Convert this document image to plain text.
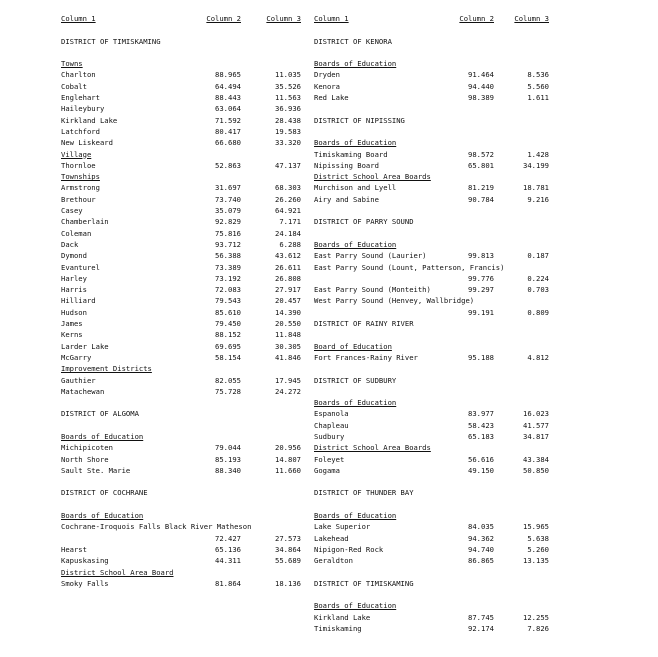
Column 1	Column 2	Column 3
DISTRICT OF TIMISKAMING
Towns
Charlton	88.965	11.035
Cobalt	64.494	35.526
Englehart	88.443	11.563
Haileybury	63.064	36.936
Kirkland Lake	71.592	28.438
Latchford	80.417	19.583
New Liskeard	66.680	33.320
Village
Thornloe	52.863	47.137
Townships
Armstrong	31.697	68.303
Brethour	73.740	26.260
Casey	35.079	64.921
Chamberlain	92.829	7.171
Coleman	75.816	24.184
Dack	93.712	6.288
Dymond	56.388	43.612
Evanturel	73.389	26.611
Harley	73.192	26.808
Harris	72.083	27.917
Hilliard	79.543	20.457
Hudson	85.610	14.390
James	79.450	20.550
Kerns	88.152	11.848
Larder Lake	69.695	30.305
McGarry	58.154	41.846
Improvement Districts
Gauthier	82.055	17.945
Matachewan	75.728	24.272
DISTRICT OF ALGOMA
Boards of Education
Michipicoten	79.044	20.956
North Shore	85.193	14.807
Sault Ste. Marie	88.340	11.660
DISTRICT OF COCHRANE
Boards of Education
Cochrane-Iroquois Falls Black River Matheson
72.427	27.573
Hearst	65.136	34.864
Kapuskasing	44.311	55.689
District School Area Board
Smoky Falls	81.864	18.136
Column 1	Column 2	Column 3
DISTRICT OF KENORA
Boards of Education
Dryden	91.464	8.536
Kenora	94.440	5.560
Red Lake	98.389	1.611
DISTRICT OF NIPISSING
Boards of Education
Timiskaming Board	98.572	1.428
Nipissing Board	65.801	34.199
District School Area Boards
Murchison and Lyell	81.219	18.781
Airy and Sabine	90.784	9.216
DISTRICT OF PARRY SOUND
Boards of Education
East Parry Sound (Laurier)	99.813	0.187
East Parry Sound (Lount, Patterson, Francis)
99.776	0.224
East Parry Sound (Monteith)	99.297	0.703
West Parry Sound (Henvey, Wallbridge)
99.191	0.809
DISTRICT OF RAINY RIVER
Board of Education
Fort Frances-Rainy River	95.188	4.812
DISTRICT OF SUDBURY
Boards of Education
Espanola	83.977	16.023
Chapleau	58.423	41.577
Sudbury	65.183	34.817
District School Area Boards
Foleyet	56.616	43.384
Gogama	49.150	50.850
DISTRICT OF THUNDER BAY
Boards of Education
Lake Superior	84.035	15.965
Lakehead	94.362	5.638
Nipigon-Red Rock	94.740	5.260
Geraldton	86.865	13.135
DISTRICT OF TIMISKAMING
Boards of Education
Kirkland Lake	87.745	12.255
Timiskaming	92.174	7.826
